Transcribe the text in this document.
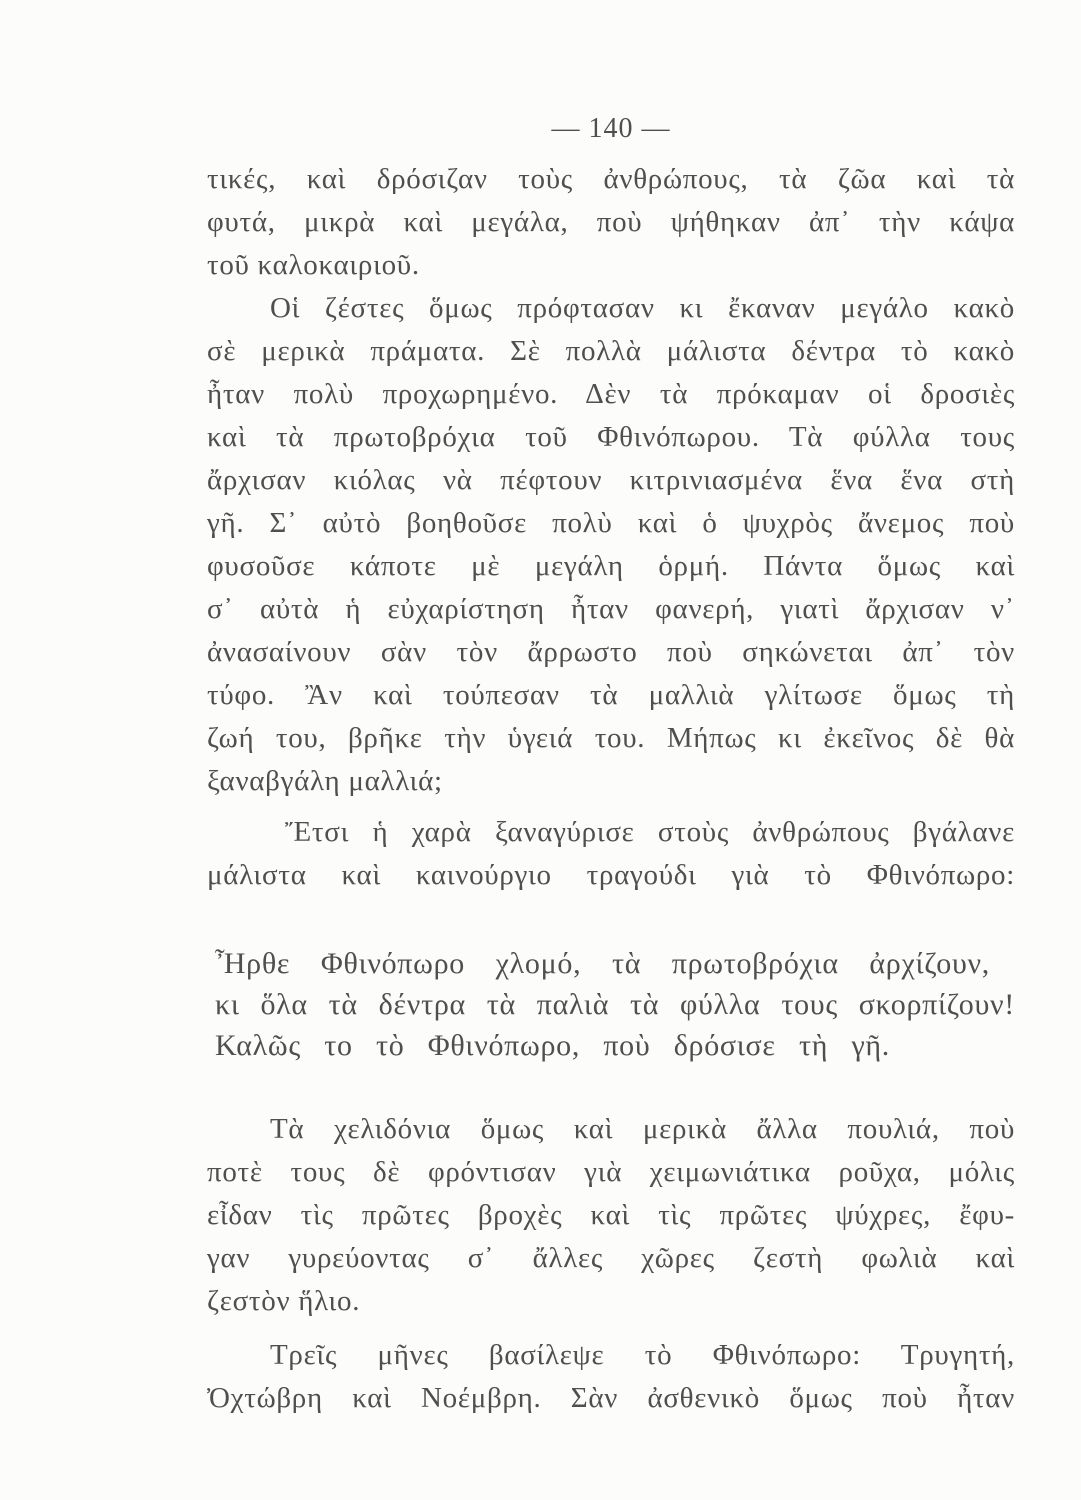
— 140 —
τικές, καὶ δρόσιζαν τοὺς ἀνθρώπους, τὰ ζῶα καὶ τὰ
φυτά, μικρὰ καὶ μεγάλα, ποὺ ψήθηκαν ἀπ᾿ τὴν κάψα
τοῦ καλοκαιριοῦ.
Οἱ ζέστες ὅμως πρόφτασαν κι ἔκαναν μεγάλο κακὸ
σὲ μερικὰ πράματα. Σὲ πολλὰ μάλιστα δέντρα τὸ κακὸ
ἦταν πολὺ προχωρημένο. Δὲν τὰ πρόκαμαν οἱ δροσιὲς
καὶ τὰ πρωτοβρόχια τοῦ Φθινόπωρου. Τὰ φύλλα τους
ἄρχισαν κιόλας νὰ πέφτουν κιτρινιασμένα ἕνα ἕνα στὴ
γῆ. Σ᾿ αὐτὸ βοηθοῦσε πολὺ καὶ ὁ ψυχρὸς ἄνεμος ποὺ
φυσοῦσε κάποτε μὲ μεγάλη ὁρμή. Πάντα ὅμως καὶ
σ᾿ αὐτὰ ἡ εὐχαρίστηση ἦταν φανερή, γιατὶ ἄρχισαν ν᾿
ἀνασαίνουν σὰν τὸν ἄρρωστο ποὺ σηκώνεται ἀπ᾿ τὸν
τύφο. Ἂν καὶ τούπεσαν τὰ μαλλιὰ γλίτωσε ὅμως τὴ
ζωή του, βρῆκε τὴν ὑγειά του. Μήπως κι ἐκεῖνος δὲ θὰ
ξαναβγάλη μαλλιά;
Ἔτσι ἡ χαρὰ ξαναγύρισε στοὺς ἀνθρώπους βγάλανε
μάλιστα καὶ καινούργιο τραγούδι γιὰ τὸ Φθινόπωρο:
Ἦρθε Φθινόπωρο χλομό, τὰ πρωτοβρόχια ἀρχίζουν,
κι ὅλα τὰ δέντρα τὰ παλιὰ τὰ φύλλα τους σκορπίζουν!
Καλῶς το τὸ Φθινόπωρο, ποὺ δρόσισε τὴ γῆ.
Τὰ χελιδόνια ὅμως καὶ μερικὰ ἄλλα πουλιά, ποὺ
ποτὲ τους δὲ φρόντισαν γιὰ χειμωνιάτικα ροῦχα, μόλις
εἶδαν τὶς πρῶτες βροχὲς καὶ τὶς πρῶτες ψύχρες, ἔφυ-
γαν γυρεύοντας σ᾿ ἄλλες χῶρες ζεστὴ φωλιὰ καὶ
ζεστὸν ἥλιο.
Τρεῖς μῆνες βασίλεψε τὸ Φθινόπωρο: Τρυγητή,
Ὀχτώβρη καὶ Νοέμβρη. Σὰν ἀσθενικὸ ὅμως ποὺ ἦταν
